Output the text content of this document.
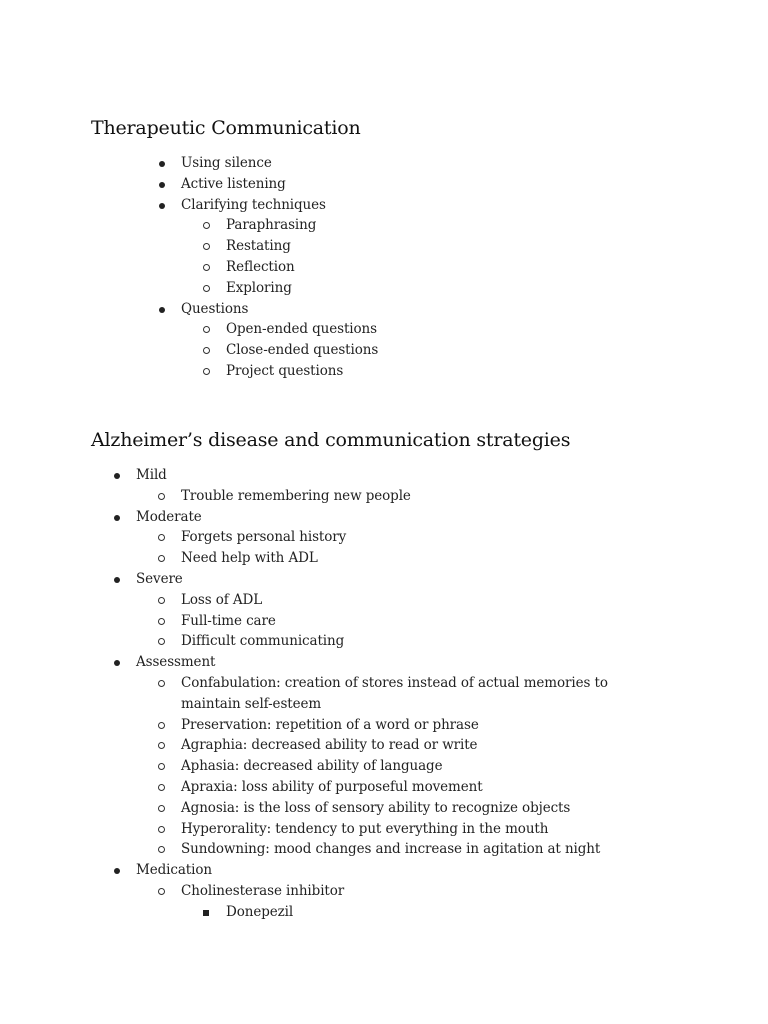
Therapeutic Communication
Using silence
Active listening
Clarifying techniques
Paraphrasing
Restating
Reflection
Exploring
Questions
Open-ended questions
Close-ended questions
Project questions
Alzheimer’s disease and communication strategies
Mild
Trouble remembering new people
Moderate
Forgets personal history
Need help with ADL
Severe
Loss of ADL
Full-time care
Difficult communicating
Assessment
Confabulation: creation of stores instead of actual memories to maintain self-esteem
Preservation: repetition of a word or phrase
Agraphia: decreased ability to read or write
Aphasia: decreased ability of language
Apraxia: loss ability of purposeful movement
Agnosia: is the loss of sensory ability to recognize objects
Hyperorality: tendency to put everything in the mouth
Sundowning: mood changes and increase in agitation at night
Medication
Cholinesterase inhibitor
Donepezil
